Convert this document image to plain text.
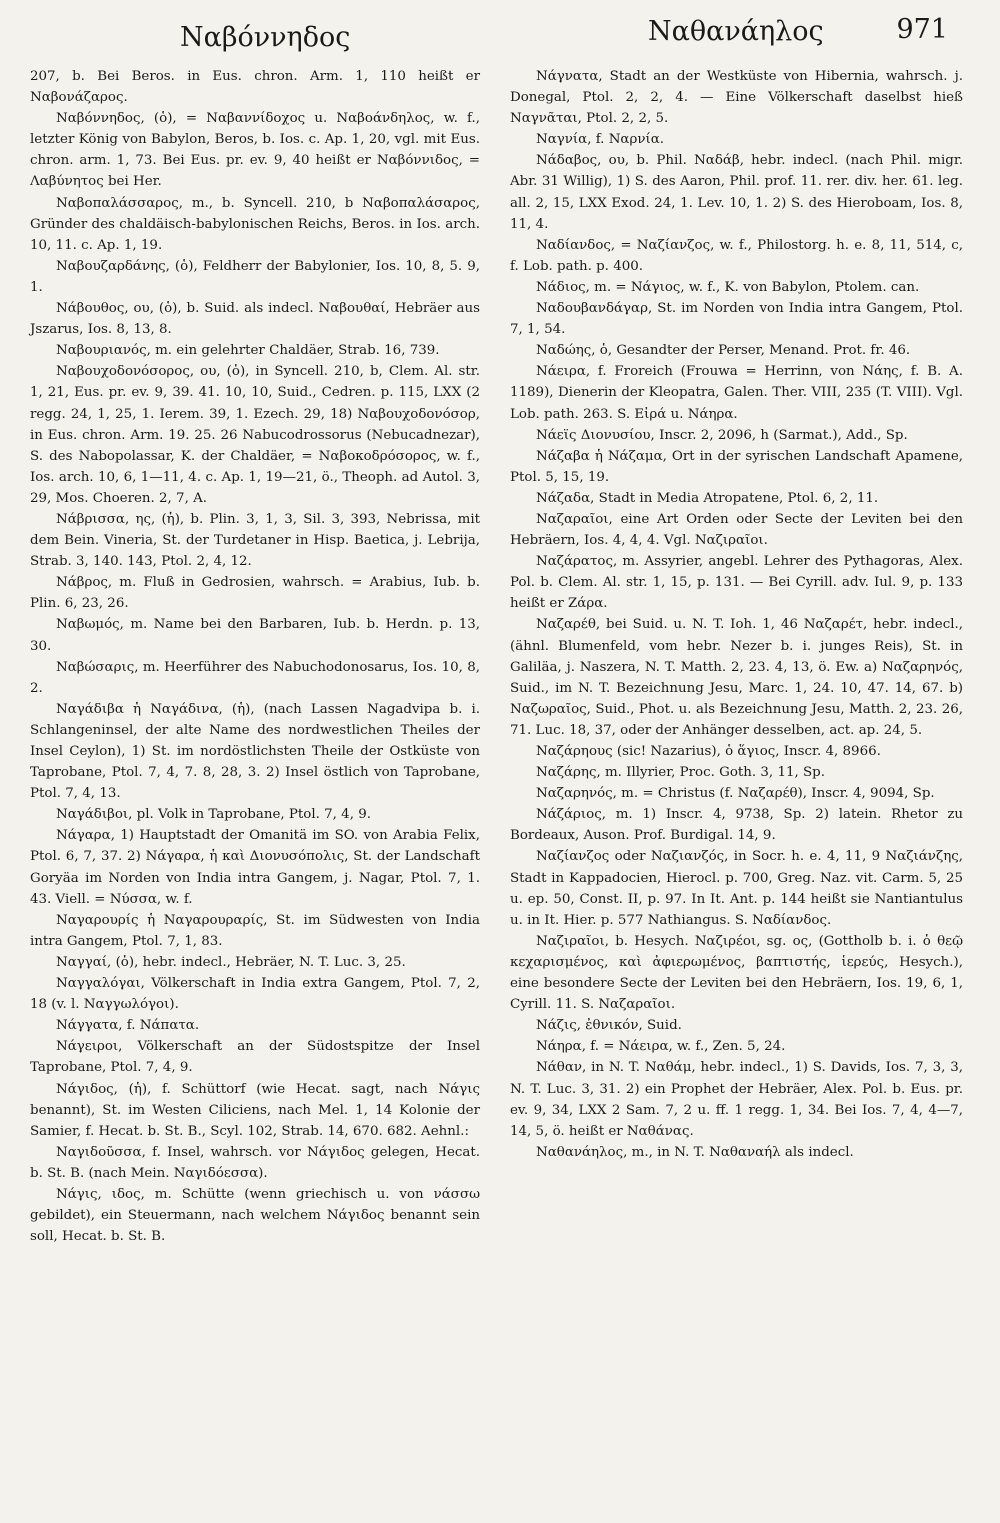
Ναβόννηδος	Ναθανάηλος	971

207, b. Bei Beros. in Eus. chron. Arm. 1, 110 heißt er Ναβονάζαρος.

Ναβόννηδος, (ὁ), = Ναβαννίδοχος u. Ναβοάνδηλος, w. f., letzter König von Babylon, Beros, b. Ios. c. Ap. 1, 20, vgl. mit Eus. chron. arm. 1, 73. Bei Eus. pr. ev. 9, 40 heißt er Ναβόννιδος, = Λαβύνητος bei Her.

Ναβοπαλάσσαρος, m., b. Syncell. 210, b Ναβοπαλάσαρος, Gründer des chaldäisch-babylonischen Reichs, Beros. in Ios. arch. 10, 11. c. Ap. 1, 19.

Ναβουζαρδάνης, (ὁ), Feldherr der Babylonier, Ios. 10, 8, 5. 9, 1.

Νάβουθος, ου, (ὁ), b. Suid. als indecl. Ναβουθαί, Hebräer aus Jszarus, Ios. 8, 13, 8.

Ναβουριανός, m. ein gelehrter Chaldäer, Strab. 16, 739.

Ναβουχοδονόσορος, ου, (ὁ), in Syncell. 210, b, Clem. Al. str. 1, 21, Eus. pr. ev. 9, 39. 41. 10, 10, Suid., Cedren. p. 115, LXX (2 regg. 24, 1, 25, 1. Ierem. 39, 1. Ezech. 29, 18) Ναβουχοδονόσορ, in Eus. chron. Arm. 19. 25. 26 Nabucodrossorus (Nebucadnezar), S. des Nabopolassar, K. der Chaldäer, = Ναβοκοδρόσορος, w. f., Ios. arch. 10, 6, 1—11, 4. c. Ap. 1, 19—21, ö., Theoph. ad Autol. 3, 29, Mos. Choeren. 2, 7, A.

Νάβρισσα, ης, (ἡ), b. Plin. 3, 1, 3, Sil. 3, 393, Nebrissa, mit dem Bein. Vineria, St. der Turdetaner in Hisp. Baetica, j. Lebrija, Strab. 3, 140. 143, Ptol. 2, 4, 12.

Νάβρος, m. Fluß in Gedrosien, wahrsch. = Arabius, Iub. b. Plin. 6, 23, 26.

Ναβωμός, m. Name bei den Barbaren, Iub. b. Herdn. p. 13, 30.

Ναβώσαρις, m. Heerführer des Nabuchodonosarus, Ios. 10, 8, 2.

Ναγάδιβα ἡ Ναγάδινα, (ἡ), (nach Lassen Nagadvipa b. i. Schlangeninsel, der alte Name des nordwestlichen Theiles der Insel Ceylon), 1) St. im nordöstlichsten Theile der Ostküste von Taprobane, Ptol. 7, 4, 7. 8, 28, 3. 2) Insel östlich von Taprobane, Ptol. 7, 4, 13.

Ναγάδιβοι, pl. Volk in Taprobane, Ptol. 7, 4, 9.

Νάγαρα, 1) Hauptstadt der Omanitä im SO. von Arabia Felix, Ptol. 6, 7, 37. 2) Νάγαρα, ἡ καὶ Διονυσόπολις, St. der Landschaft Goryäa im Norden von India intra Gangem, j. Nagar, Ptol. 7, 1. 43. Viell. = Νύσσα, w. f.

Ναγαρουρίς ἡ Ναγαρουραρίς, St. im Südwesten von India intra Gangem, Ptol. 7, 1, 83.

Ναγγαί, (ὁ), hebr. indecl., Hebräer, N. T. Luc. 3, 25.

Ναγγαλόγαι, Völkerschaft in India extra Gangem, Ptol. 7, 2, 18 (v. l. Ναγγωλόγοι).

Νάγγατα, f. Νάπατα.

Νάγειροι, Völkerschaft an der Südostspitze der Insel Taprobane, Ptol. 7, 4, 9.

Νάγιδος, (ἡ), f. Schüttorf (wie Hecat. sagt, nach Νάγις benannt), St. im Westen Ciliciens, nach Mel. 1, 14 Kolonie der Samier, f. Hecat. b. St. B., Scyl. 102, Strab. 14, 670. 682. Aehnl.:

Ναγιδοῦσσα, f. Insel, wahrsch. vor Νάγιδος gelegen, Hecat. b. St. B. (nach Mein. Ναγιδόεσσα).

Νάγις, ιδος, m. Schütte (wenn griechisch u. von νάσσω gebildet), ein Steuermann, nach welchem Νάγιδος benannt sein soll, Hecat. b. St. B.

Νάγνατα, Stadt an der Westküste von Hibernia, wahrsch. j. Donegal, Ptol. 2, 2, 4. — Eine Völkerschaft daselbst hieß Ναγνᾶται, Ptol. 2, 2, 5.

Ναγνία, f. Ναρνία.

Νάδαβος, ου, b. Phil. Ναδάβ, hebr. indecl. (nach Phil. migr. Abr. 31 Willig), 1) S. des Aaron, Phil. prof. 11. rer. div. her. 61. leg. all. 2, 15, LXX Exod. 24, 1. Lev. 10, 1. 2) S. des Hieroboam, Ios. 8, 11, 4.

Ναδίανδος, = Ναζίανζος, w. f., Philostorg. h. e. 8, 11, 514, c, f. Lob. path. p. 400.

Νάδιος, m. = Νάγιος, w. f., K. von Babylon, Ptolem. can.

Ναδουβανδάγαρ, St. im Norden von India intra Gangem, Ptol. 7, 1, 54.

Ναδώης, ὁ, Gesandter der Perser, Menand. Prot. fr. 46.

Νάειρα, f. Froreich (Frouwa = Herrinn, von Νάης, f. B. A. 1189), Dienerin der Kleopatra, Galen. Ther. VIII, 235 (T. VIII). Vgl. Lob. path. 263. S. Εἰρά u. Νάηρα.

Νάεϊς Διονυσίου, Inscr. 2, 2096, h (Sarmat.), Add., Sp.

Νάζαβα ἡ Νάζαμα, Ort in der syrischen Landschaft Apamene, Ptol. 5, 15, 19.

Νάζαδα, Stadt in Media Atropatene, Ptol. 6, 2, 11.

Ναζαραῖοι, eine Art Orden oder Secte der Leviten bei den Hebräern, Ios. 4, 4, 4. Vgl. Ναζιραῖοι.

Ναζάρατος, m. Assyrier, angebl. Lehrer des Pythagoras, Alex. Pol. b. Clem. Al. str. 1, 15, p. 131. — Bei Cyrill. adv. Iul. 9, p. 133 heißt er Ζάρα.

Ναζαρέθ, bei Suid. u. N. T. Ioh. 1, 46 Ναζαρέτ, hebr. indecl., (ähnl. Blumenfeld, vom hebr. Nezer b. i. junges Reis), St. in Galiläa, j. Naszera, N. T. Matth. 2, 23. 4, 13, ö. Ew. a) Ναζαρηνός, Suid., im N. T. Bezeichnung Jesu, Marc. 1, 24. 10, 47. 14, 67. b) Ναζωραῖος, Suid., Phot. u. als Bezeichnung Jesu, Matth. 2, 23. 26, 71. Luc. 18, 37, oder der Anhänger desselben, act. ap. 24, 5.

Ναζάρηους (sic! Nazarius), ὁ ἅγιος, Inscr. 4, 8966.

Ναζάρης, m. Illyrier, Proc. Goth. 3, 11, Sp.

Ναζαρηνός, m. = Christus (f. Ναζαρέθ), Inscr. 4, 9094, Sp.

Νάζάριος, m. 1) Inscr. 4, 9738, Sp. 2) latein. Rhetor zu Bordeaux, Auson. Prof. Burdigal. 14, 9.

Ναζίανζος oder Ναζιανζός, in Socr. h. e. 4, 11, 9 Ναζιάνζης, Stadt in Kappadocien, Hierocl. p. 700, Greg. Naz. vit. Carm. 5, 25 u. ep. 50, Const. II, p. 97. In It. Ant. p. 144 heißt sie Nantiantulus u. in It. Hier. p. 577 Nathiangus. S. Ναδίανδος.

Ναζιραῖοι, b. Hesych. Ναζιρέοι, sg. ος, (Gottholb b. i. ὁ θεῷ κεχαρισμένος, καὶ ἀφιερωμένος, βαπτιστής, ἱερεύς, Hesych.), eine besondere Secte der Leviten bei den Hebräern, Ios. 19, 6, 1, Cyrill. 11. S. Ναζαραῖοι.

Νάζις, ἐθνικόν, Suid.

Νάηρα, f. = Νάειρα, w. f., Zen. 5, 24.

Νάθαν, in N. T. Ναθάμ, hebr. indecl., 1) S. Davids, Ios. 7, 3, 3, N. T. Luc. 3, 31. 2) ein Prophet der Hebräer, Alex. Pol. b. Eus. pr. ev. 9, 34, LXX 2 Sam. 7, 2 u. ff. 1 regg. 1, 34. Bei Ios. 7, 4, 4—7, 14, 5, ö. heißt er Ναθάνας.

Ναθανάηλος, m., in N. T. Ναθαναήλ als indecl.
